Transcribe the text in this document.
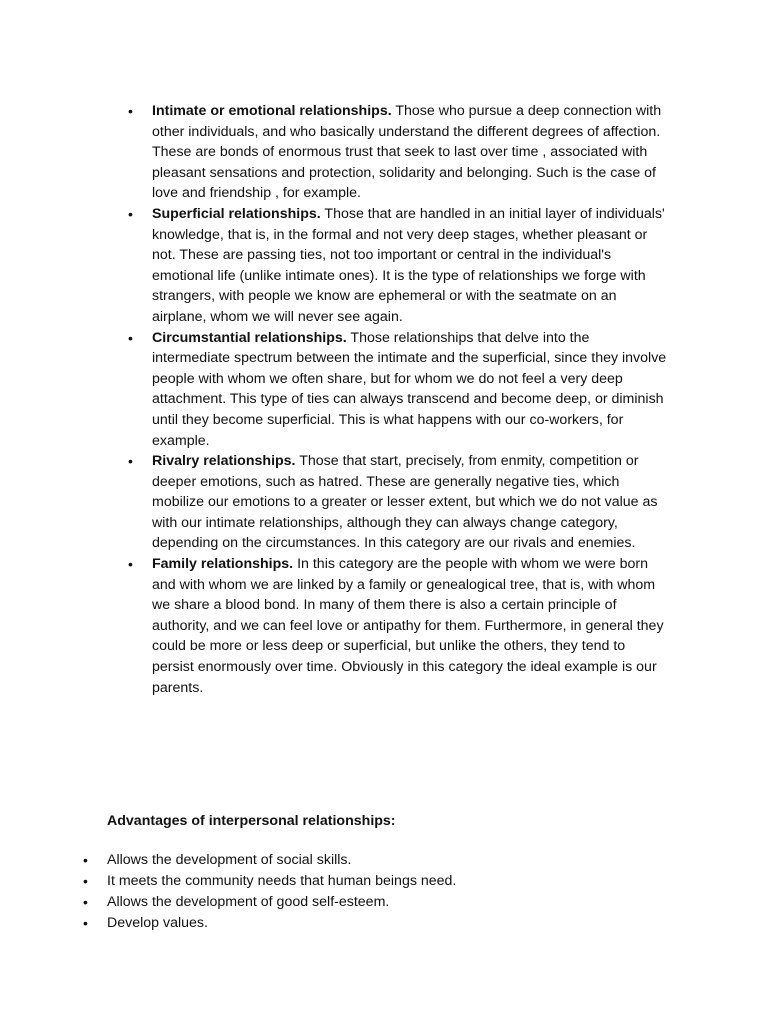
• Intimate or emotional relationships. Those who pursue a deep connection with other individuals, and who basically understand the different degrees of affection. These are bonds of enormous trust that seek to last over time , associated with pleasant sensations and protection, solidarity and belonging. Such is the case of love and friendship , for example.
• Superficial relationships. Those that are handled in an initial layer of individuals' knowledge, that is, in the formal and not very deep stages, whether pleasant or not. These are passing ties, not too important or central in the individual's emotional life (unlike intimate ones). It is the type of relationships we forge with strangers, with people we know are ephemeral or with the seatmate on an airplane, whom we will never see again.
• Circumstantial relationships. Those relationships that delve into the intermediate spectrum between the intimate and the superficial, since they involve people with whom we often share, but for whom we do not feel a very deep attachment. This type of ties can always transcend and become deep, or diminish until they become superficial. This is what happens with our co-workers, for example.
• Rivalry relationships. Those that start, precisely, from enmity, competition or deeper emotions, such as hatred. These are generally negative ties, which mobilize our emotions to a greater or lesser extent, but which we do not value as with our intimate relationships, although they can always change category, depending on the circumstances. In this category are our rivals and enemies.
• Family relationships. In this category are the people with whom we were born and with whom we are linked by a family or genealogical tree, that is, with whom we share a blood bond. In many of them there is also a certain principle of authority, and we can feel love or antipathy for them. Furthermore, in general they could be more or less deep or superficial, but unlike the others, they tend to persist enormously over time. Obviously in this category the ideal example is our parents.

Advantages of interpersonal relationships:

• Allows the development of social skills.
• It meets the community needs that human beings need.
• Allows the development of good self-esteem.
• Develop values.
